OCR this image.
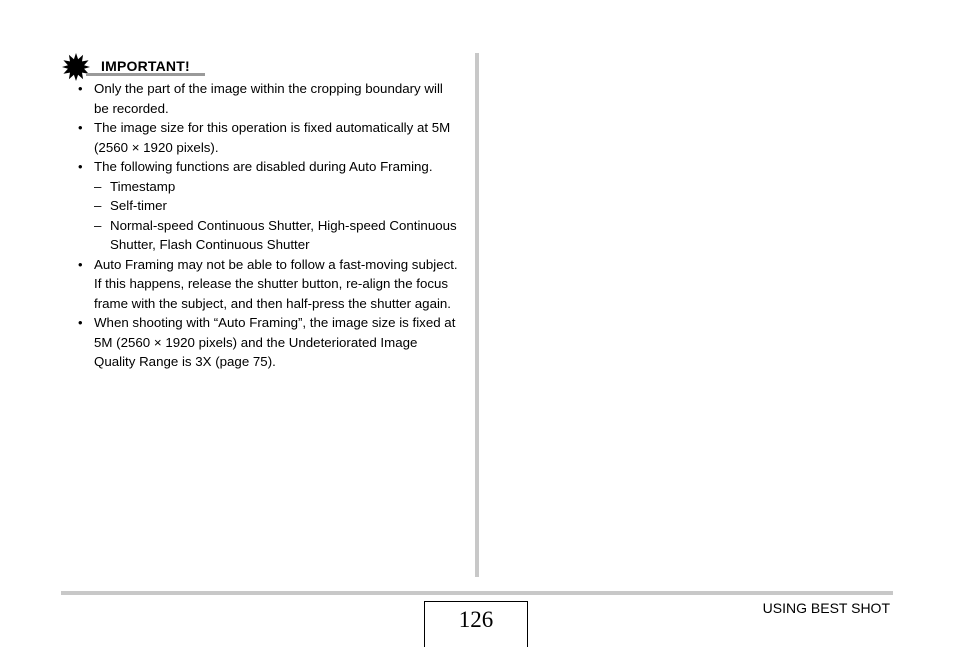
IMPORTANT!
• Only the part of the image within the cropping boundary will be recorded.
• The image size for this operation is fixed automatically at 5M (2560 × 1920 pixels).
• The following functions are disabled during Auto Framing.
– Timestamp
– Self-timer
– Normal-speed Continuous Shutter, High-speed Continuous Shutter, Flash Continuous Shutter
• Auto Framing may not be able to follow a fast-moving subject. If this happens, release the shutter button, re-align the focus frame with the subject, and then half-press the shutter again.
• When shooting with “Auto Framing”, the image size is fixed at 5M (2560 × 1920 pixels) and the Undeteriorated Image Quality Range is 3X (page 75).
126	USING BEST SHOT
